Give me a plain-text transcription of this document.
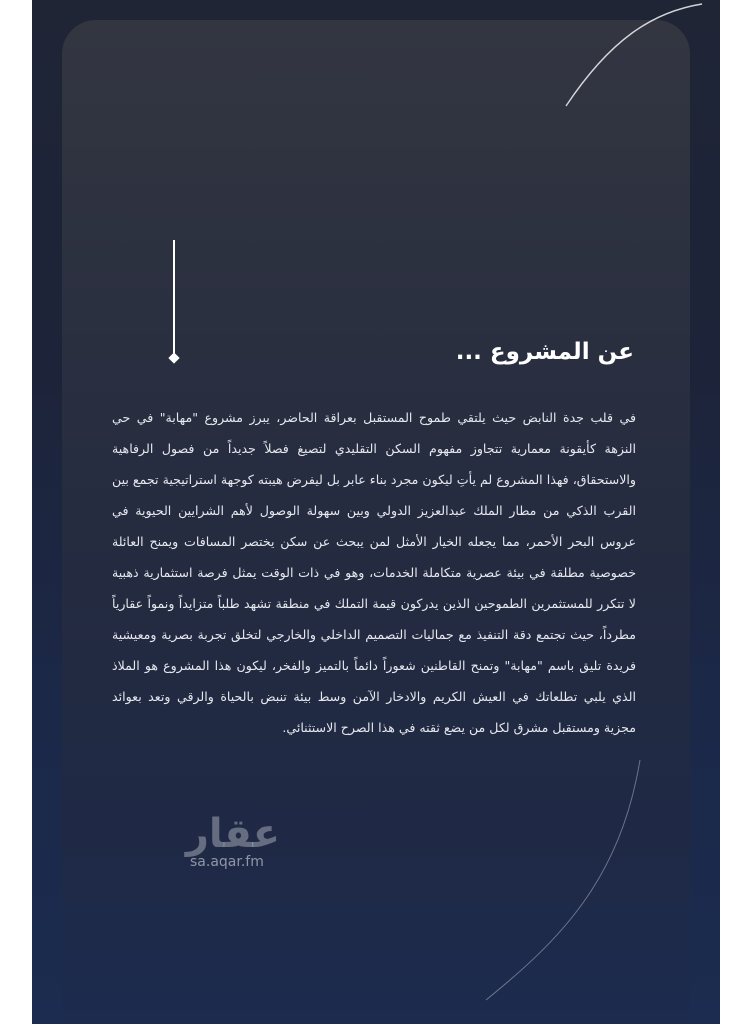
عن المشروع ...

في قلب جدة النابض حيث يلتقي طموح المستقبل بعراقة الحاضر، يبرز مشروع "مهابة" في حي النزهة كأيقونة معمارية تتجاوز مفهوم السكن التقليدي لتصيغ فصلاً جديداً من فصول الرفاهية والاستحقاق، فهذا المشروع لم يأتِ ليكون مجرد بناء عابر بل ليفرض هيبته كوجهة استراتيجية تجمع بين القرب الذكي من مطار الملك عبدالعزيز الدولي وبين سهولة الوصول لأهم الشرايين الحيوية في عروس البحر الأحمر، مما يجعله الخيار الأمثل لمن يبحث عن سكن يختصر المسافات ويمنح العائلة خصوصية مطلقة في بيئة عصرية متكاملة الخدمات، وهو في ذات الوقت يمثل فرصة استثمارية ذهبية لا تتكرر للمستثمرين الطموحين الذين يدركون قيمة التملك في منطقة تشهد طلباً متزايداً ونمواً عقارياً مطرداً، حيث تجتمع دقة التنفيذ مع جماليات التصميم الداخلي والخارجي لتخلق تجربة بصرية ومعيشية فريدة تليق باسم "مهابة" وتمنح القاطنين شعوراً دائماً بالتميز والفخر، ليكون هذا المشروع هو الملاذ الذي يلبي تطلعاتك في العيش الكريم والادخار الآمن وسط بيئة تنبض بالحياة والرقي وتعد بعوائد مجزية ومستقبل مشرق لكل من يضع ثقته في هذا الصرح الاستثنائي.

عقار
sa.aqar.fm
